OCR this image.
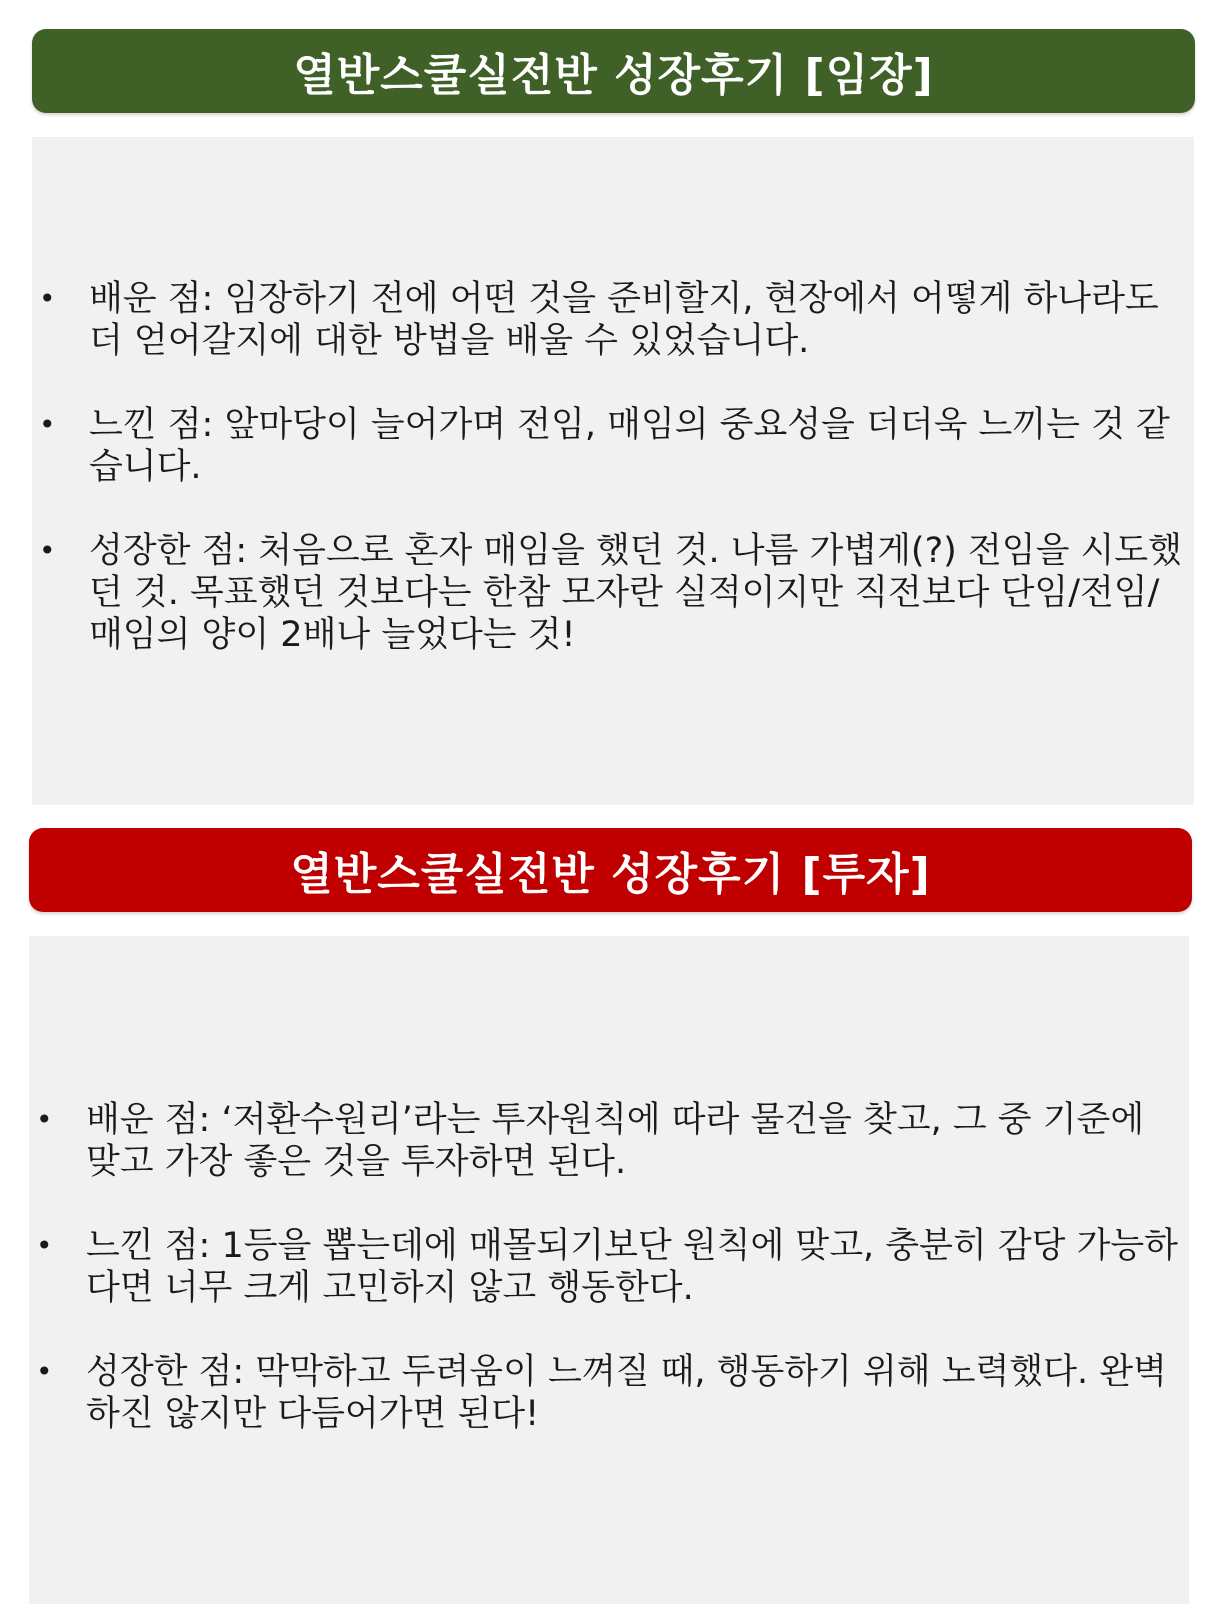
열반스쿨실전반 성장후기 [임장]
• 배운 점: 임장하기 전에 어떤 것을 준비할지, 현장에서 어떻게 하나라도 더 얻어갈지에 대한 방법을 배울 수 있었습니다.
• 느낀 점: 앞마당이 늘어가며 전임, 매임의 중요성을 더더욱 느끼는 것 같습니다.
• 성장한 점: 처음으로 혼자 매임을 했던 것. 나름 가볍게(?) 전임을 시도했던 것. 목표했던 것보다는 한참 모자란 실적이지만 직전보다 단임/전임/매임의 양이 2배나 늘었다는 것!
열반스쿨실전반 성장후기 [투자]
• 배운 점: ‘저환수원리’라는 투자원칙에 따라 물건을 찾고, 그 중 기준에 맞고 가장 좋은 것을 투자하면 된다.
• 느낀 점: 1등을 뽑는데에 매몰되기보단 원칙에 맞고, 충분히 감당 가능하다면 너무 크게 고민하지 않고 행동한다.
• 성장한 점: 막막하고 두려움이 느껴질 때, 행동하기 위해 노력했다. 완벽하진 않지만 다듬어가면 된다!
